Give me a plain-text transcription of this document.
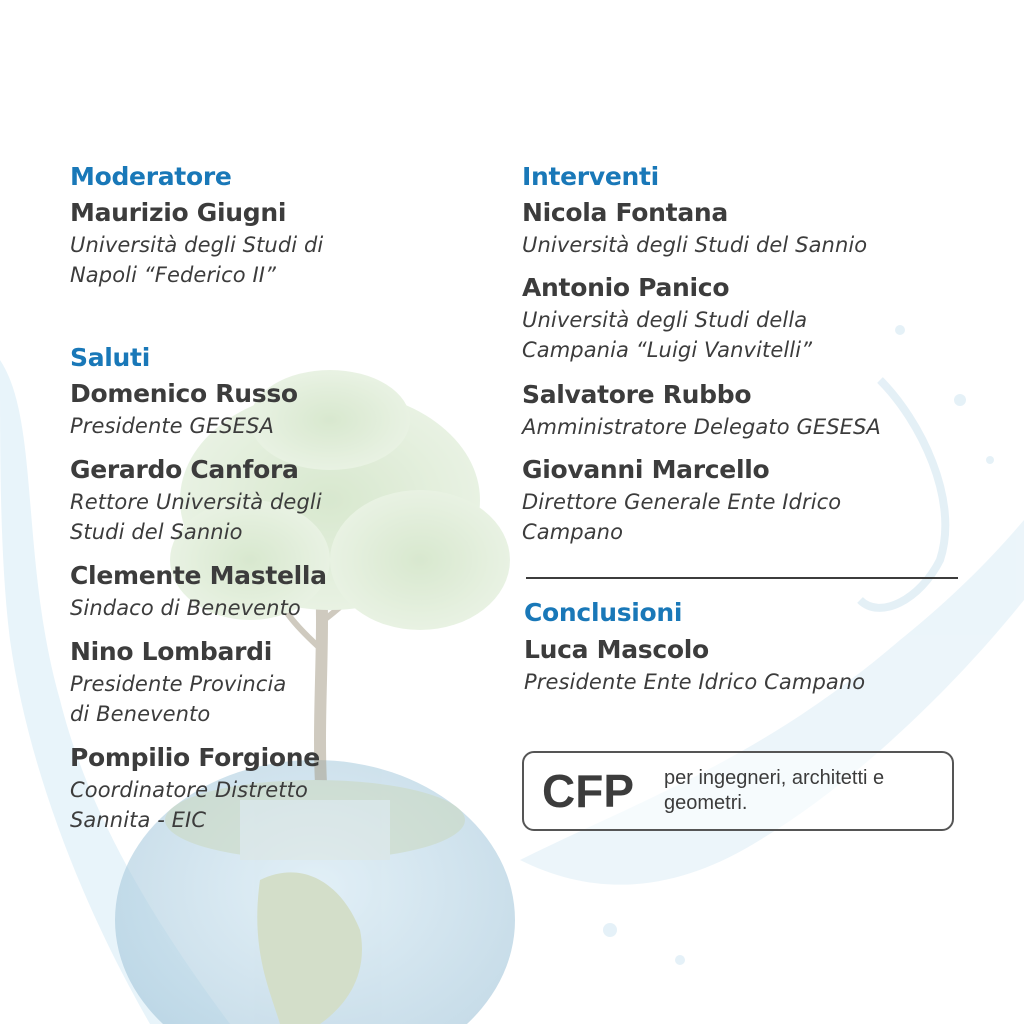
Moderatore
Maurizio Giugni
Università degli Studi di
Napoli “Federico II”
Saluti
Domenico Russo
Presidente GESESA
Gerardo Canfora
Rettore Università degli
Studi del Sannio
Clemente Mastella
Sindaco di Benevento
Nino Lombardi
Presidente Provincia
di Benevento
Pompilio Forgione
Coordinatore Distretto
Sannita - EIC
Interventi
Nicola Fontana
Università degli Studi del Sannio
Antonio Panico
Università degli Studi della
Campania “Luigi Vanvitelli”
Salvatore Rubbo
Amministratore Delegato GESESA
Giovanni Marcello
Direttore Generale Ente Idrico
Campano
Conclusioni
Luca Mascolo
Presidente Ente Idrico Campano
CFP per ingegneri, architetti e geometri.
